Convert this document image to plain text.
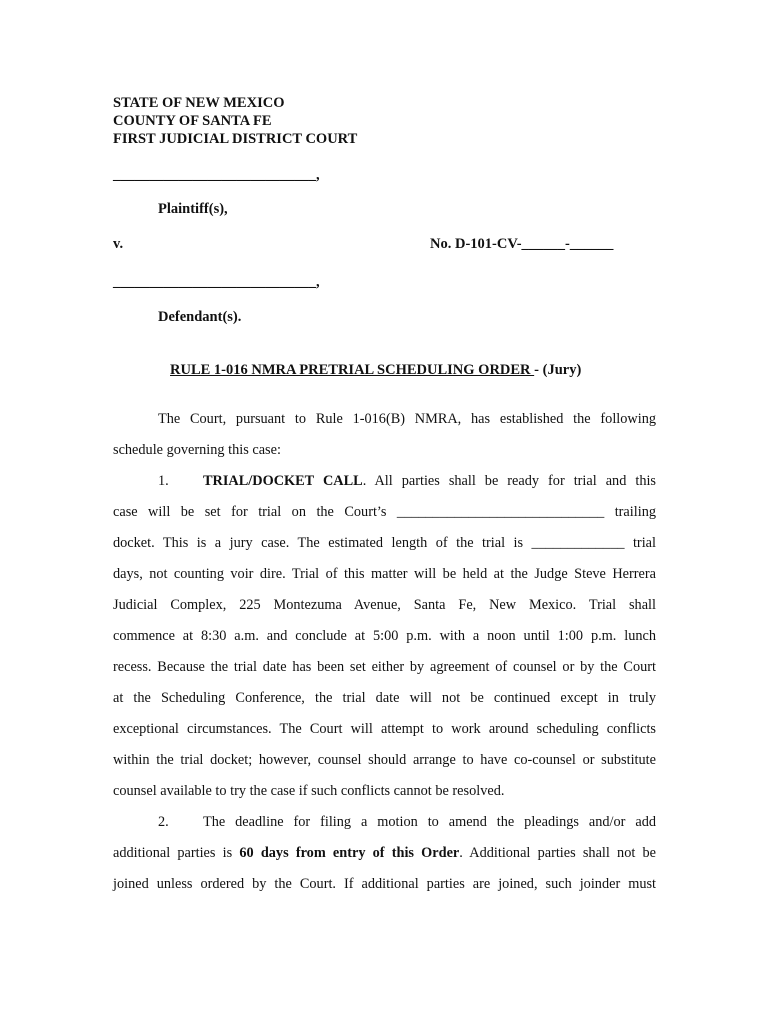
STATE OF NEW MEXICO
COUNTY OF SANTA FE
FIRST JUDICIAL DISTRICT COURT
____________________________,
Plaintiff(s),
v.	No. D-101-CV-______-______
____________________________,
Defendant(s).
RULE 1-016 NMRA PRETRIAL SCHEDULING ORDER - (Jury)
The Court, pursuant to Rule 1-016(B) NMRA, has established the following
schedule governing this case:
1. TRIAL/DOCKET CALL. All parties shall be ready for trial and this
case will be set for trial on the Court’s _____________________________ trailing
docket. This is a jury case. The estimated length of the trial is _____________ trial
days, not counting voir dire. Trial of this matter will be held at the Judge Steve Herrera
Judicial Complex, 225 Montezuma Avenue, Santa Fe, New Mexico. Trial shall
commence at 8:30 a.m. and conclude at 5:00 p.m. with a noon until 1:00 p.m. lunch
recess. Because the trial date has been set either by agreement of counsel or by the Court
at the Scheduling Conference, the trial date will not be continued except in truly
exceptional circumstances. The Court will attempt to work around scheduling conflicts
within the trial docket; however, counsel should arrange to have co-counsel or substitute
counsel available to try the case if such conflicts cannot be resolved.
2. The deadline for filing a motion to amend the pleadings and/or add
additional parties is 60 days from entry of this Order. Additional parties shall not be
joined unless ordered by the Court. If additional parties are joined, such joinder must
